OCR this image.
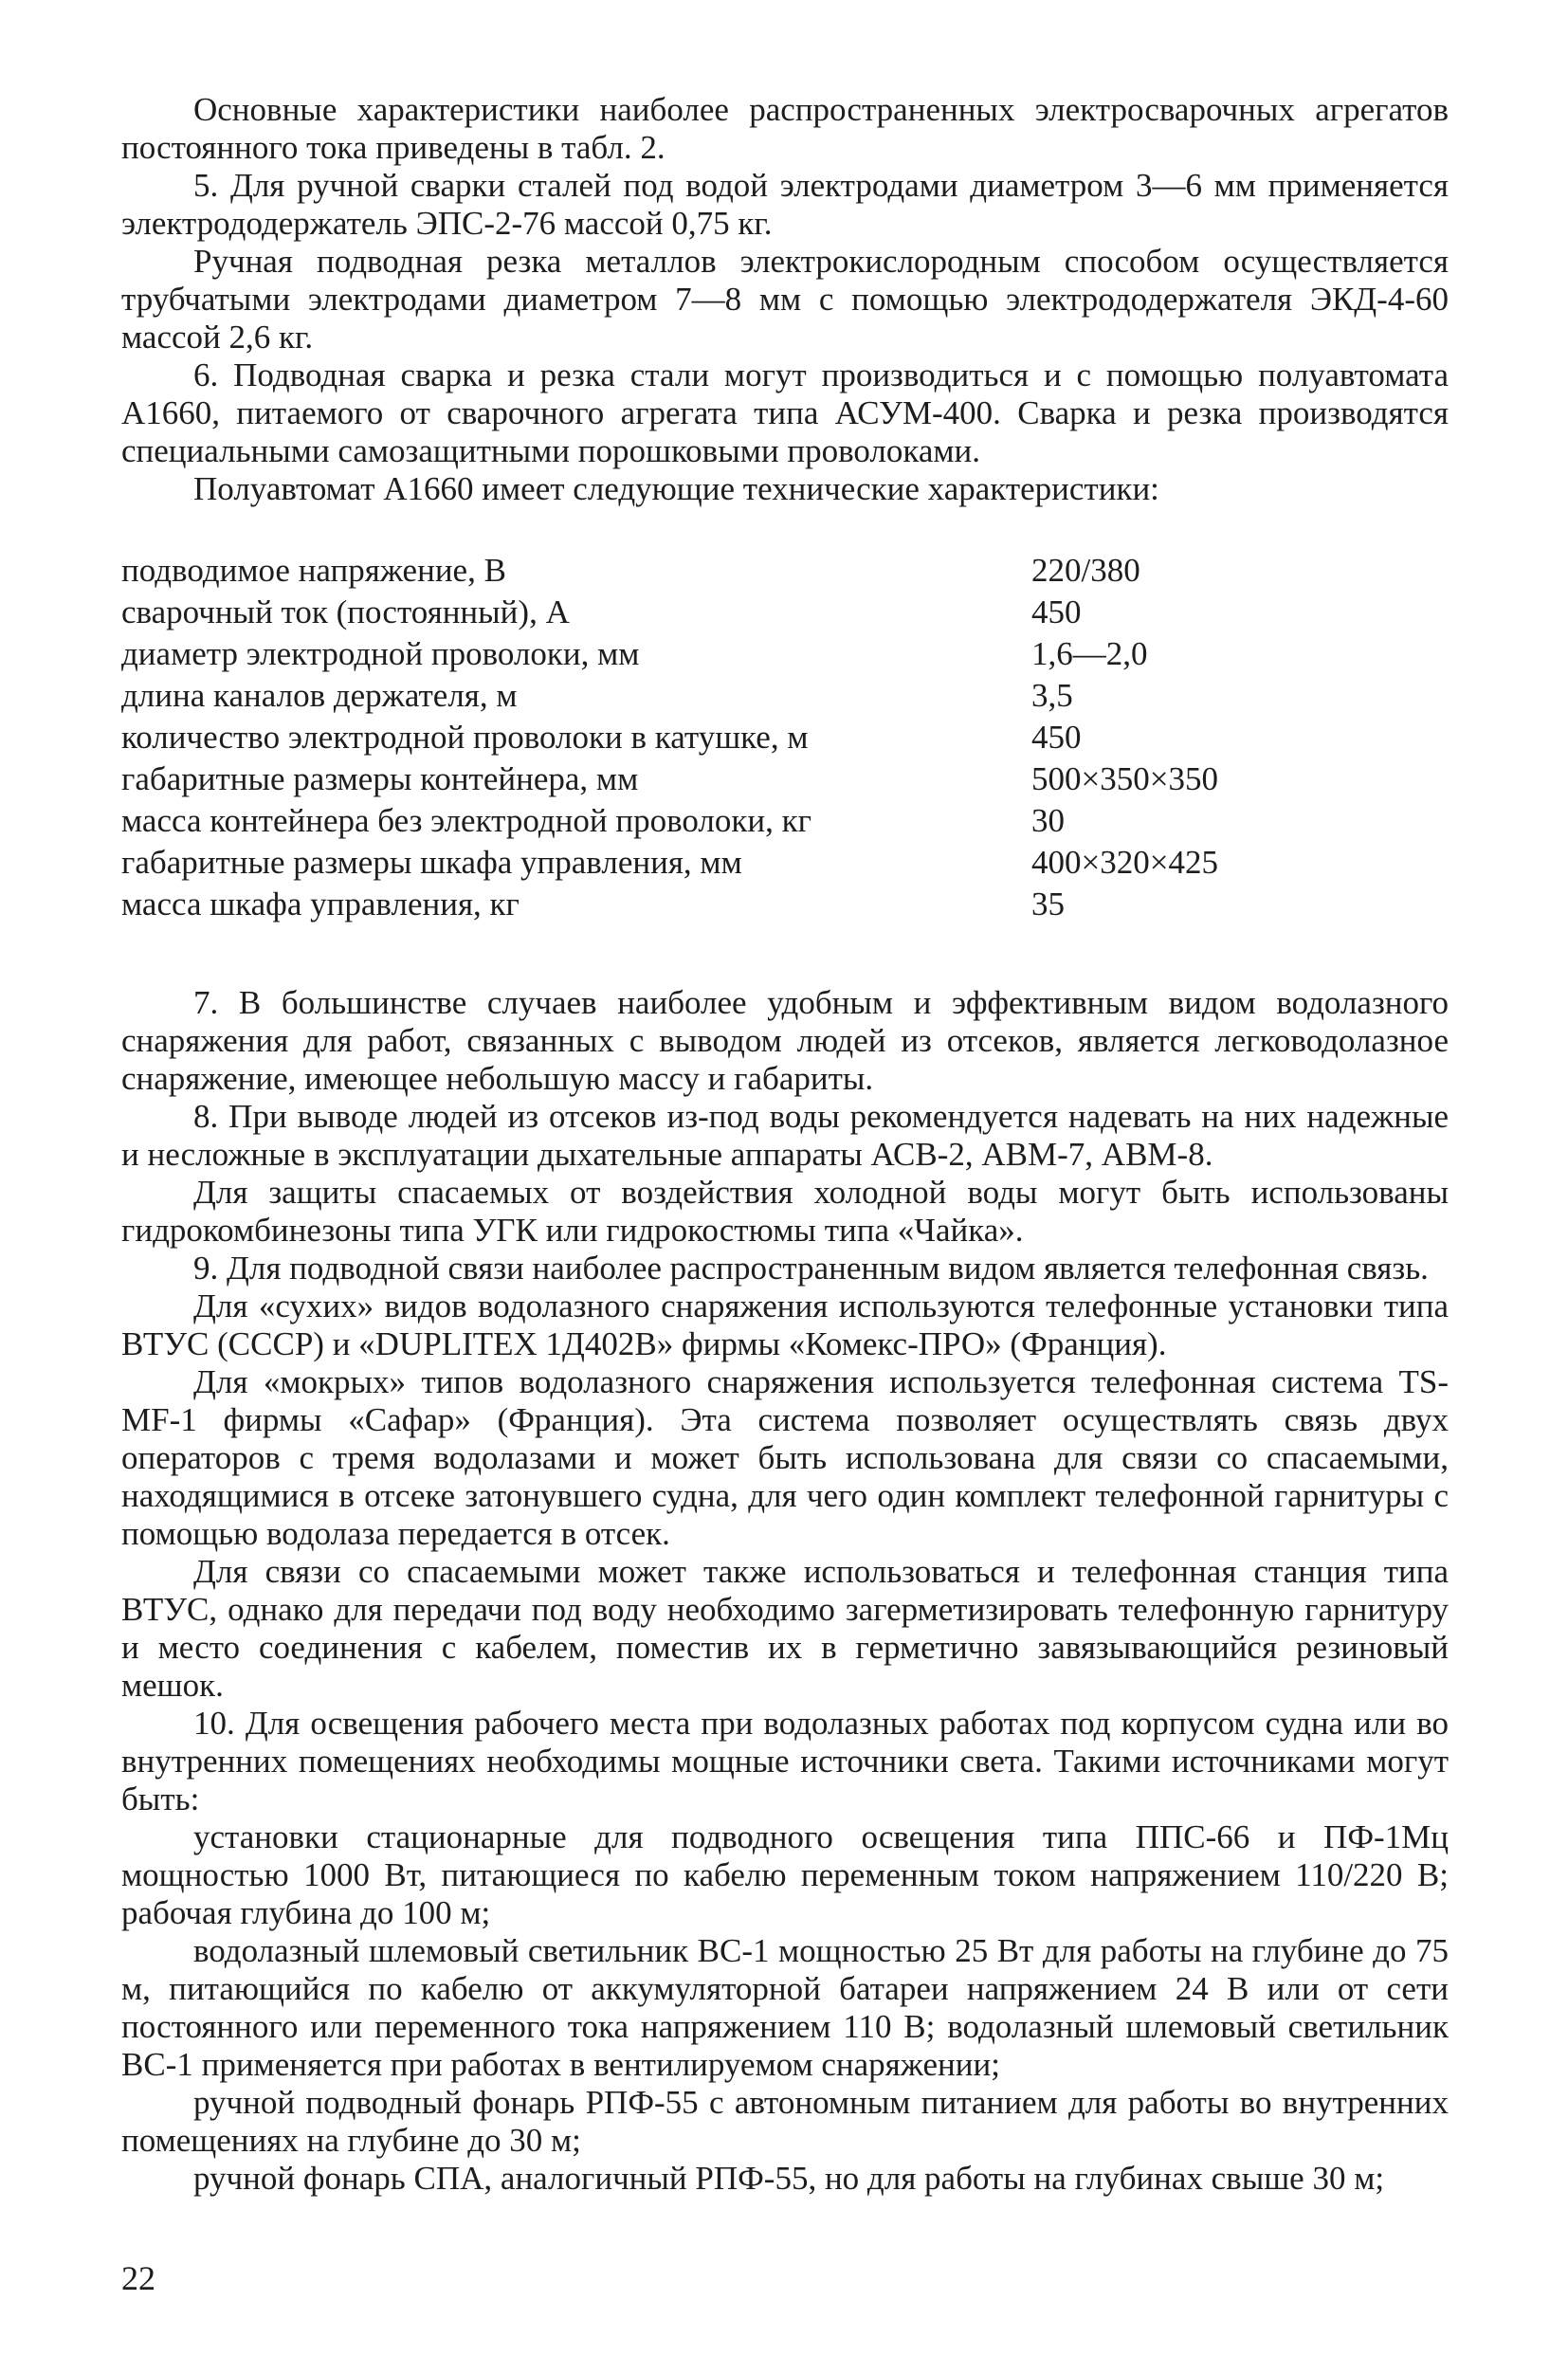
Основные характеристики наиболее распространенных электросварочных агрегатов постоянного тока приведены в табл. 2.

5. Для ручной сварки сталей под водой электродами диаметром 3—6 мм применяется электрододержатель ЭПС-2-76 массой 0,75 кг.

Ручная подводная резка металлов электрокислородным способом осуществляется трубчатыми электродами диаметром 7—8 мм с помощью электрододержателя ЭКД-4-60 массой 2,6 кг.

6. Подводная сварка и резка стали могут производиться и с помощью полуавтомата А1660, питаемого от сварочного агрегата типа АСУМ-400. Сварка и резка производятся специальными самозащитными порошковыми проволоками.

Полуавтомат А1660 имеет следующие технические характеристики:

подводимое напряжение, В	220/380
сварочный ток (постоянный), А	450
диаметр электродной проволоки, мм	1,6—2,0
длина каналов держателя, м	3,5
количество электродной проволоки в катушке, м	450
габаритные размеры контейнера, мм	500×350×350
масса контейнера без электродной проволоки, кг	30
габаритные размеры шкафа управления, мм	400×320×425
масса шкафа управления, кг	35

7. В большинстве случаев наиболее удобным и эффективным видом водолазного снаряжения для работ, связанных с выводом людей из отсеков, является легководолазное снаряжение, имеющее небольшую массу и габариты.

8. При выводе людей из отсеков из-под воды рекомендуется надевать на них надежные и несложные в эксплуатации дыхательные аппараты АСВ-2, АВМ-7, АВМ-8.

Для защиты спасаемых от воздействия холодной воды могут быть использованы гидрокомбинезоны типа УГК или гидрокостюмы типа «Чайка».

9. Для подводной связи наиболее распространенным видом является телефонная связь.

Для «сухих» видов водолазного снаряжения используются телефонные установки типа ВТУС (СССР) и «DUPLITEX 1Д402В» фирмы «Комекс-ПРО» (Франция).

Для «мокрых» типов водолазного снаряжения используется телефонная система TS-MF-1 фирмы «Сафар» (Франция). Эта система позволяет осуществлять связь двух операторов с тремя водолазами и может быть использована для связи со спасаемыми, находящимися в отсеке затонувшего судна, для чего один комплект телефонной гарнитуры с помощью водолаза передается в отсек.

Для связи со спасаемыми может также использоваться и телефонная станция типа ВТУС, однако для передачи под воду необходимо загерметизировать телефонную гарнитуру и место соединения с кабелем, поместив их в герметично завязывающийся резиновый мешок.

10. Для освещения рабочего места при водолазных работах под корпусом судна или во внутренних помещениях необходимы мощные источники света. Такими источниками могут быть:

установки стационарные для подводного освещения типа ППС-66 и ПФ-1Мц мощностью 1000 Вт, питающиеся по кабелю переменным током напряжением 110/220 В; рабочая глубина до 100 м;

водолазный шлемовый светильник ВС-1 мощностью 25 Вт для работы на глубине до 75 м, питающийся по кабелю от аккумуляторной батареи напряжением 24 В или от сети постоянного или переменного тока напряжением 110 В; водолазный шлемовый светильник ВС-1 применяется при работах в вентилируемом снаряжении;

ручной подводный фонарь РПФ-55 с автономным питанием для работы во внутренних помещениях на глубине до 30 м;

ручной фонарь СПА, аналогичный РПФ-55, но для работы на глубинах свыше 30 м;

22
